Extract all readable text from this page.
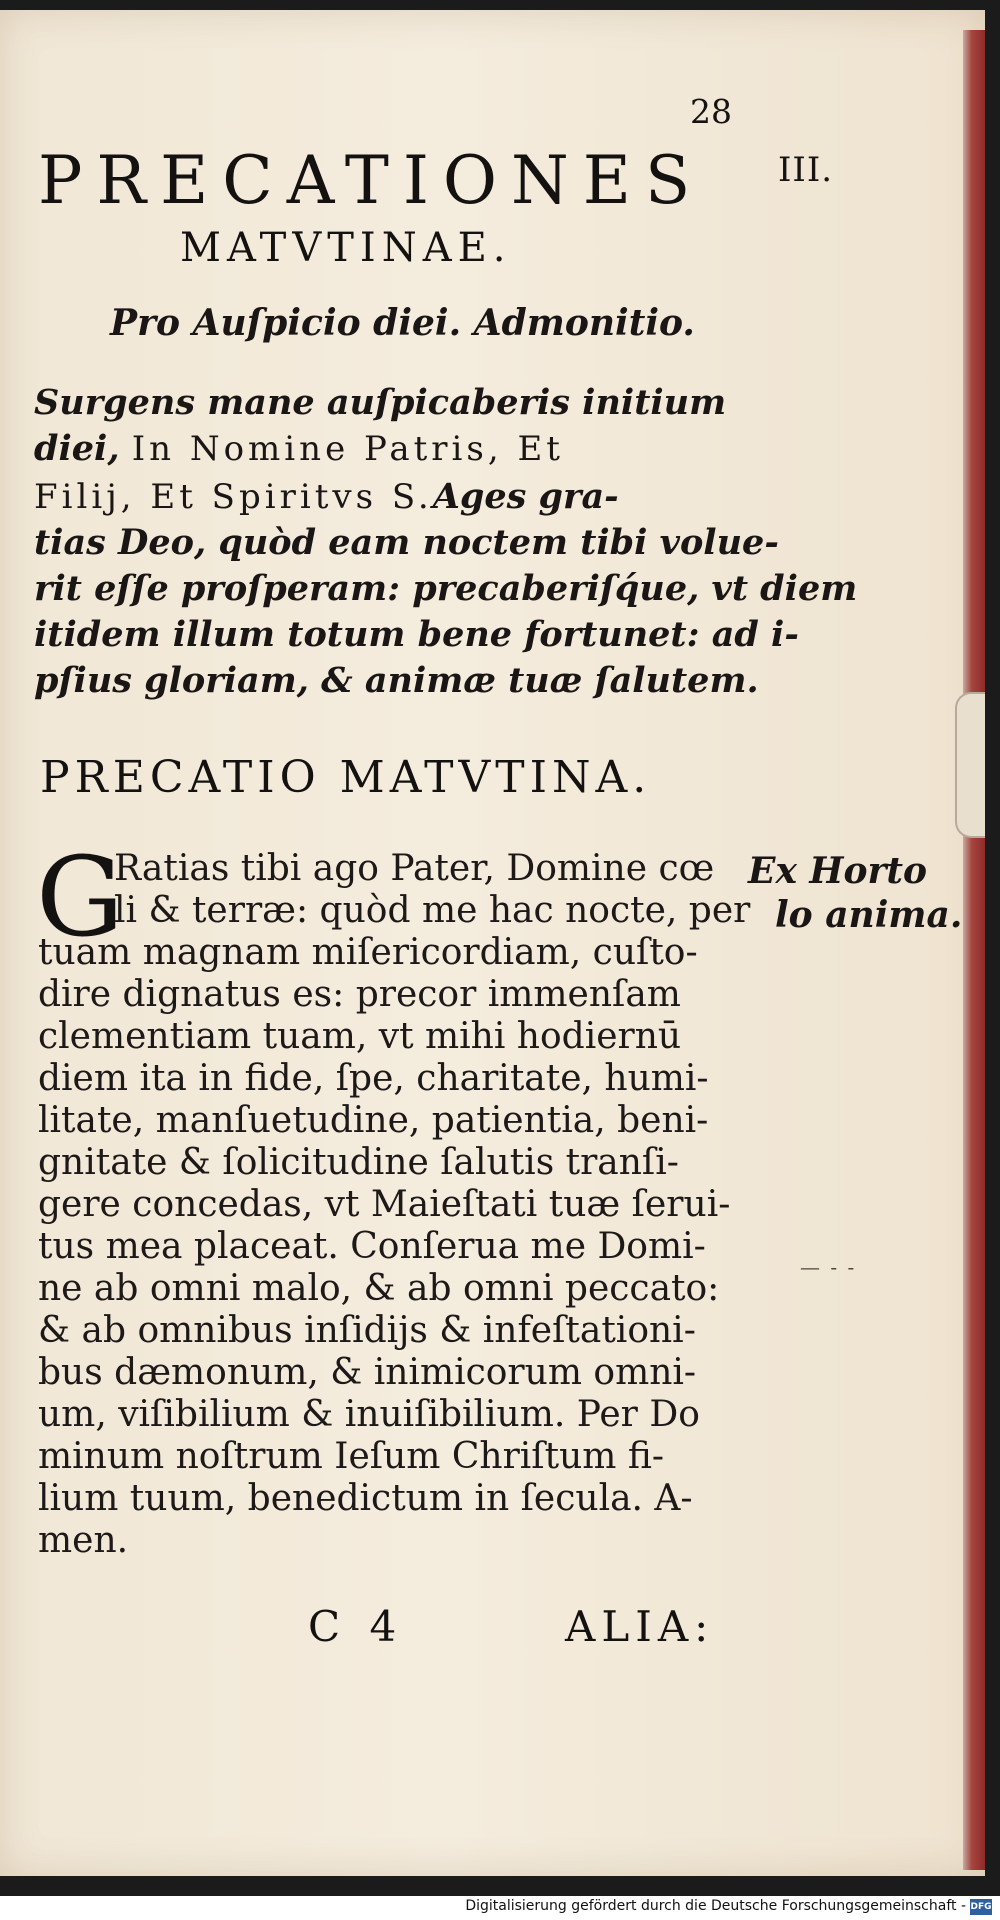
28
III.
PRECATIONES
MATVTINAE.
Pro Auſpicio diei. Admonitio.
Surgens mane auſpicaberis initium
diei, In Nomine Patris, Et
Filij, Et Spiritvs S.Ages gra-
tias Deo, quòd eam noctem tibi volue-
rit eſſe proſperam: precaberiſq́ue, vt diem
itidem illum totum bene fortunet: ad i-
pſius gloriam, & animæ tuæ ſalutem.
PRECATIO MATVTINA.
G
Ratias tibi ago Pater, Domine cœ
li & terræ: quòd me hac nocte, per
tuam magnam miſericordiam, cuſto-
dire dignatus es: precor immenſam
clementiam tuam, vt mihi hodiernū
diem ita in fide, ſpe, charitate, humi-
litate, manſuetudine, patientia, beni-
gnitate & ſolicitudine ſalutis tranſi-
gere concedas, vt Maieſtati tuæ ſerui-
tus mea placeat. Conſerua me Domi-
ne ab omni malo, & ab omni peccato:
& ab omnibus inſidijs & infeſtationi-
bus dæmonum, & inimicorum omni-
um, viſibilium & inuiſibilium. Per Do
minum noſtrum Ieſum Chriſtum fi-
lium tuum, benedictum in ſecula. A-
men.
Ex Horto
lo anima.
— - -
C 4	ALIA:
Digitalisierung gefördert durch die Deutsche Forschungsgemeinschaft - DFG
